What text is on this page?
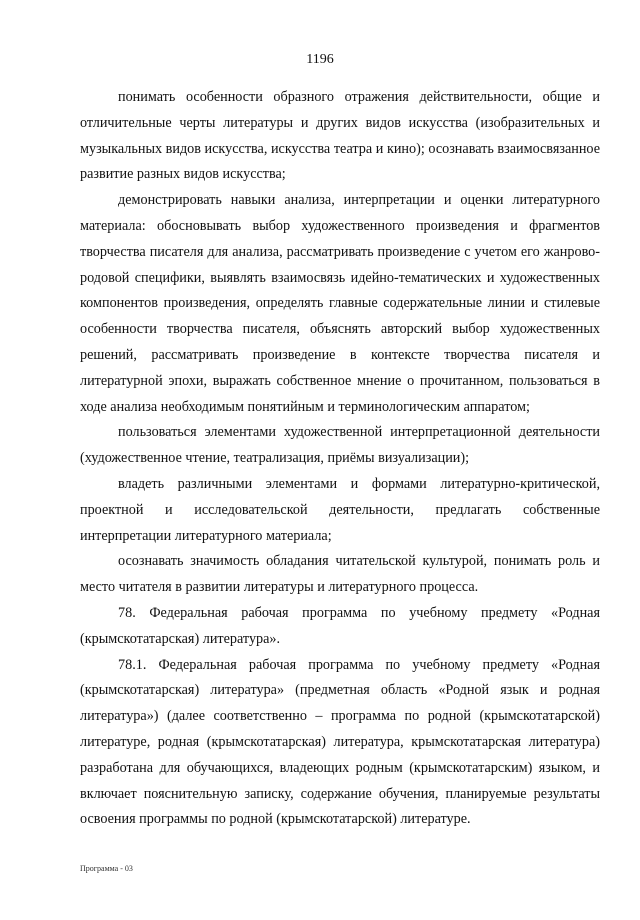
1196

понимать особенности образного отражения действительности, общие и отличительные черты литературы и других видов искусства (изобразительных и музыкальных видов искусства, искусства театра и кино); осознавать взаимосвязанное развитие разных видов искусства;

демонстрировать навыки анализа, интерпретации и оценки литературного материала: обосновывать выбор художественного произведения и фрагментов творчества писателя для анализа, рассматривать произведение с учетом его жанрово-родовой специфики, выявлять взаимосвязь идейно-тематических и художественных компонентов произведения, определять главные содержательные линии и стилевые особенности творчества писателя, объяснять авторский выбор художественных решений, рассматривать произведение в контексте творчества писателя и литературной эпохи, выражать собственное мнение о прочитанном, пользоваться в ходе анализа необходимым понятийным и терминологическим аппаратом;

пользоваться элементами художественной интерпретационной деятельности (художественное чтение, театрализация, приёмы визуализации);

владеть различными элементами и формами литературно-критической, проектной и исследовательской деятельности, предлагать собственные интерпретации литературного материала;

осознавать значимость обладания читательской культурой, понимать роль и место читателя в развитии литературы и литературного процесса.

78. Федеральная рабочая программа по учебному предмету «Родная (крымскотатарская) литература».

78.1. Федеральная рабочая программа по учебному предмету «Родная (крымскотатарская) литература» (предметная область «Родной язык и родная литература») (далее соответственно – программа по родной (крымскотатарской) литературе, родная (крымскотатарская) литература, крымскотатарская литература) разработана для обучающихся, владеющих родным (крымскотатарским) языком, и включает пояснительную записку, содержание обучения, планируемые результаты освоения программы по родной (крымскотатарской) литературе.

Программа - 03
